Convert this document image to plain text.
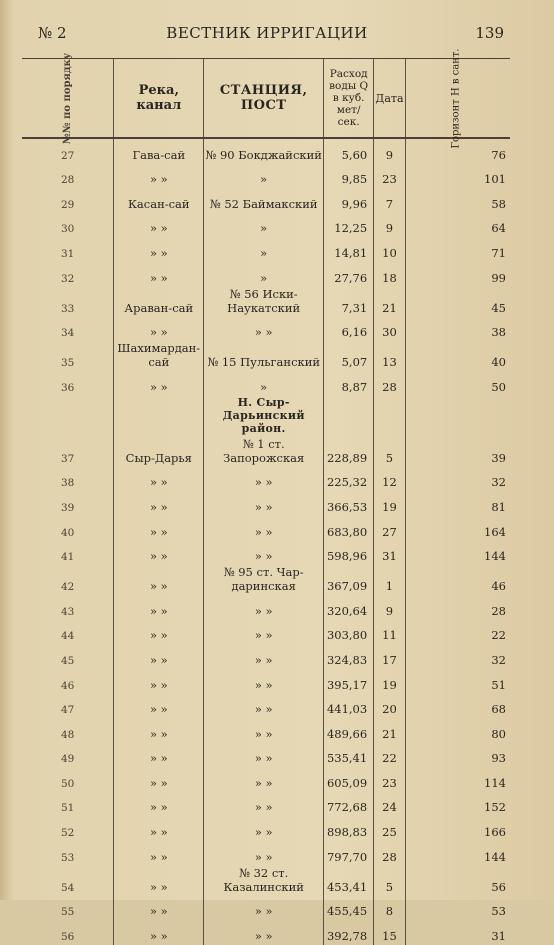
№ 2	ВЕСТНИК ИРРИГАЦИИ	139
№№ по порядку	Река, канал	СТАНЦИЯ, ПОСТ	Расход воды Q в куб. мет/сек.	Дата	Горизонт Н в сант.
27	Гава-сай	№ 90 Бокджайский	5,60	9	76
28	» »	»	9,85	23	101
29	Касан-сай	№ 52 Баймакский	9,96	7	58
30	» »	»	12,25	9	64
31	» »	»	14,81	10	71
32	» »	»	27,76	18	99
33	Араван-сай	№ 56 Иски-Наукатский	7,31	21	45
34	» »	» »	6,16	30	38
35	Шахимардан-сай	№ 15 Пульганский	5,07	13	40
36	» »	»	8,87	28	50
		Н. Сыр-Дарьинский район.			
37	Сыр-Дарья	№ 1 ст. Запорожская	228,89	5	39
38	» »	» »	225,32	12	32
39	» »	» »	366,53	19	81
40	» »	» »	683,80	27	164
41	» »	» »	598,96	31	144
42	» »	№ 95 ст. Чар-даринская	367,09	1	46
43	» »	» »	320,64	9	28
44	» »	» »	303,80	11	22
45	» »	» »	324,83	17	32
46	» »	» »	395,17	19	51
47	» »	» »	441,03	20	68
48	» »	» »	489,66	21	80
49	» »	» »	535,41	22	93
50	» »	» »	605,09	23	114
51	» »	» »	772,68	24	152
52	» »	» »	898,83	25	166
53	» »	» »	797,70	28	144
54	» »	№ 32 ст. Казалинский	453,41	5	56
55	» »	» »	455,45	8	53
56	» »	» »	392,78	15	31
